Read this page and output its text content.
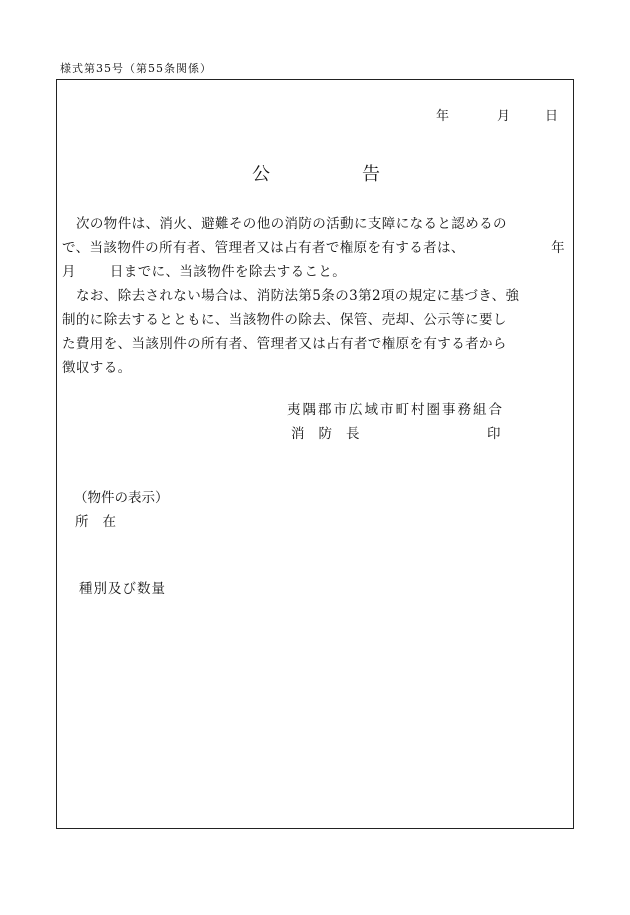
様式第35号（第55条関係）
年	月	日
公	告
次の物件は、消火、避難その他の消防の活動に支障になると認めるの
で、当該物件の所有者、管理者又は占有者で権原を有する者は、	年
月	日までに、当該物件を除去すること。
なお、除去されない場合は、消防法第5条の3第2項の規定に基づき、強
制的に除去するとともに、当該物件の除去、保管、売却、公示等に要し
た費用を、当該別件の所有者、管理者又は占有者で権原を有する者から
徴収する。
夷隅郡市広域市町村圏事務組合
消防長	印
（物件の表示）
所在
種別及び数量
